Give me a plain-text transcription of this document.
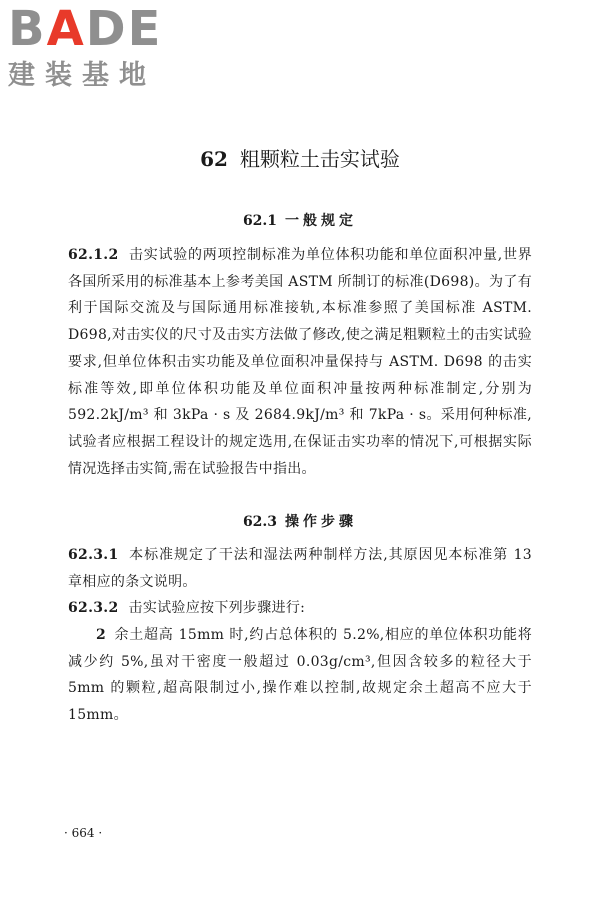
BADE
建装基地
62 粗颗粒土击实试验
62.1 一般规定

62.1.2 击实试验的两项控制标准为单位体积功能和单位面积冲量,世界各国所采用的标准基本上参考美国 ASTM 所制订的标准(D698)。为了有利于国际交流及与国际通用标准接轨,本标准参照了美国标准 ASTM. D698,对击实仪的尺寸及击实方法做了修改,使之满足粗颗粒土的击实试验要求,但单位体积击实功能及单位面积冲量保持与 ASTM. D698 的击实标准等效,即单位体积功能及单位面积冲量按两种标准制定,分别为 592.2kJ/m³ 和 3kPa · s 及 2684.9kJ/m³ 和 7kPa · s。采用何种标准,试验者应根据工程设计的规定选用,在保证击实功率的情况下,可根据实际情况选择击实简,需在试验报告中指出。

62.3 操作步骤

62.3.1 本标准规定了干法和湿法两种制样方法,其原因见本标准第 13 章相应的条文说明。

62.3.2 击实试验应按下列步骤进行:

2 余土超高 15mm 时,约占总体积的 5.2%,相应的单位体积功能将减少约 5%,虽对干密度一般超过 0.03g/cm³,但因含较多的粒径大于 5mm 的颗粒,超高限制过小,操作难以控制,故规定余土超高不应大于 15mm。

· 664 ·
